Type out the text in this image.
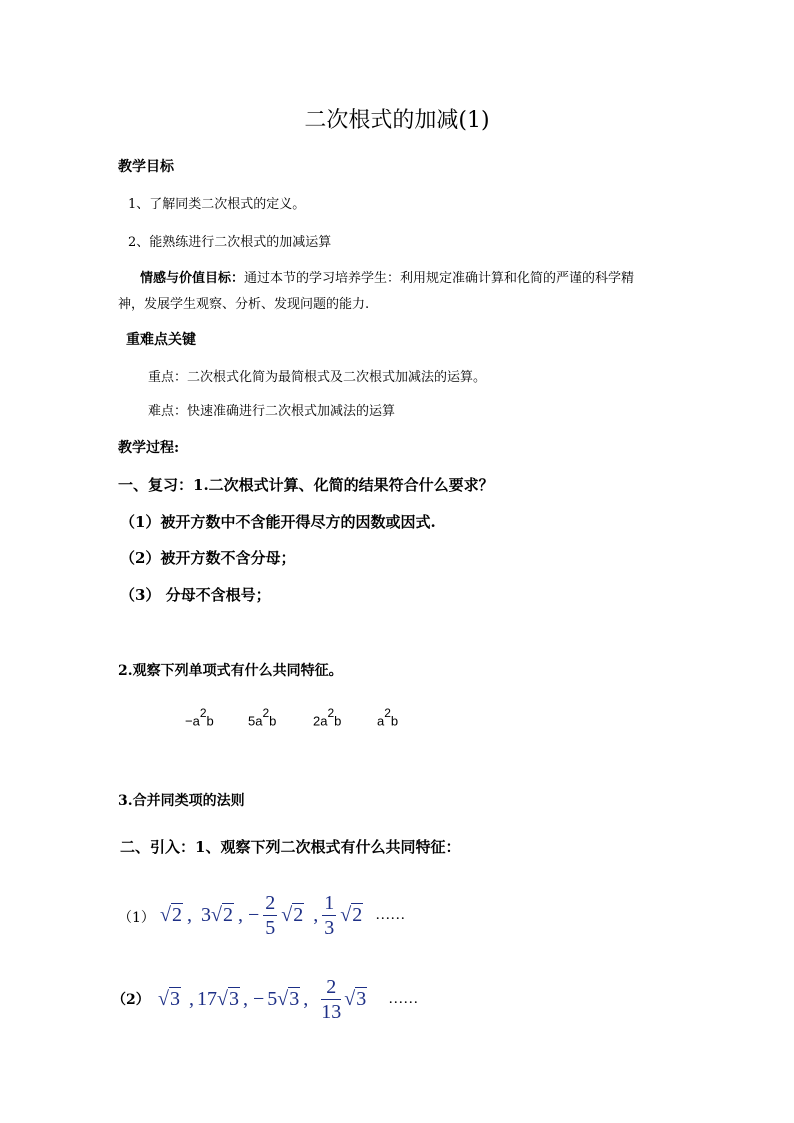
二次根式的加减(1)
教学目标
1、了解同类二次根式的定义。
2、能熟练进行二次根式的加减运算
情感与价值目标：通过本节的学习培养学生：利用规定准确计算和化简的严谨的科学精
神，发展学生观察、分析、发现问题的能力.
重难点关键
重点：二次根式化简为最简根式及二次根式加减法的运算。
难点：快速准确进行二次根式加减法的运算
教学过程:
一、复习：1.二次根式计算、化简的结果符合什么要求？
（1）被开方数中不含能开得尽方的因数或因式.
（2）被开方数不含分母；
（3） 分母不含根号；
2.观察下列单项式有什么共同特征。
$-a^2b$	$5a^2b$	$2a^2b$	$a^2b$
3.合并同类项的法则
二、引入：1、观察下列二次根式有什么共同特征：
（1） √2 , 3√2 , − $\frac{2}{5} √2$ , $\frac{1}{3} √2$ ……
（2） √3 , 17√3 , − 5√3 , $\frac{2}{13} √3$ ……
